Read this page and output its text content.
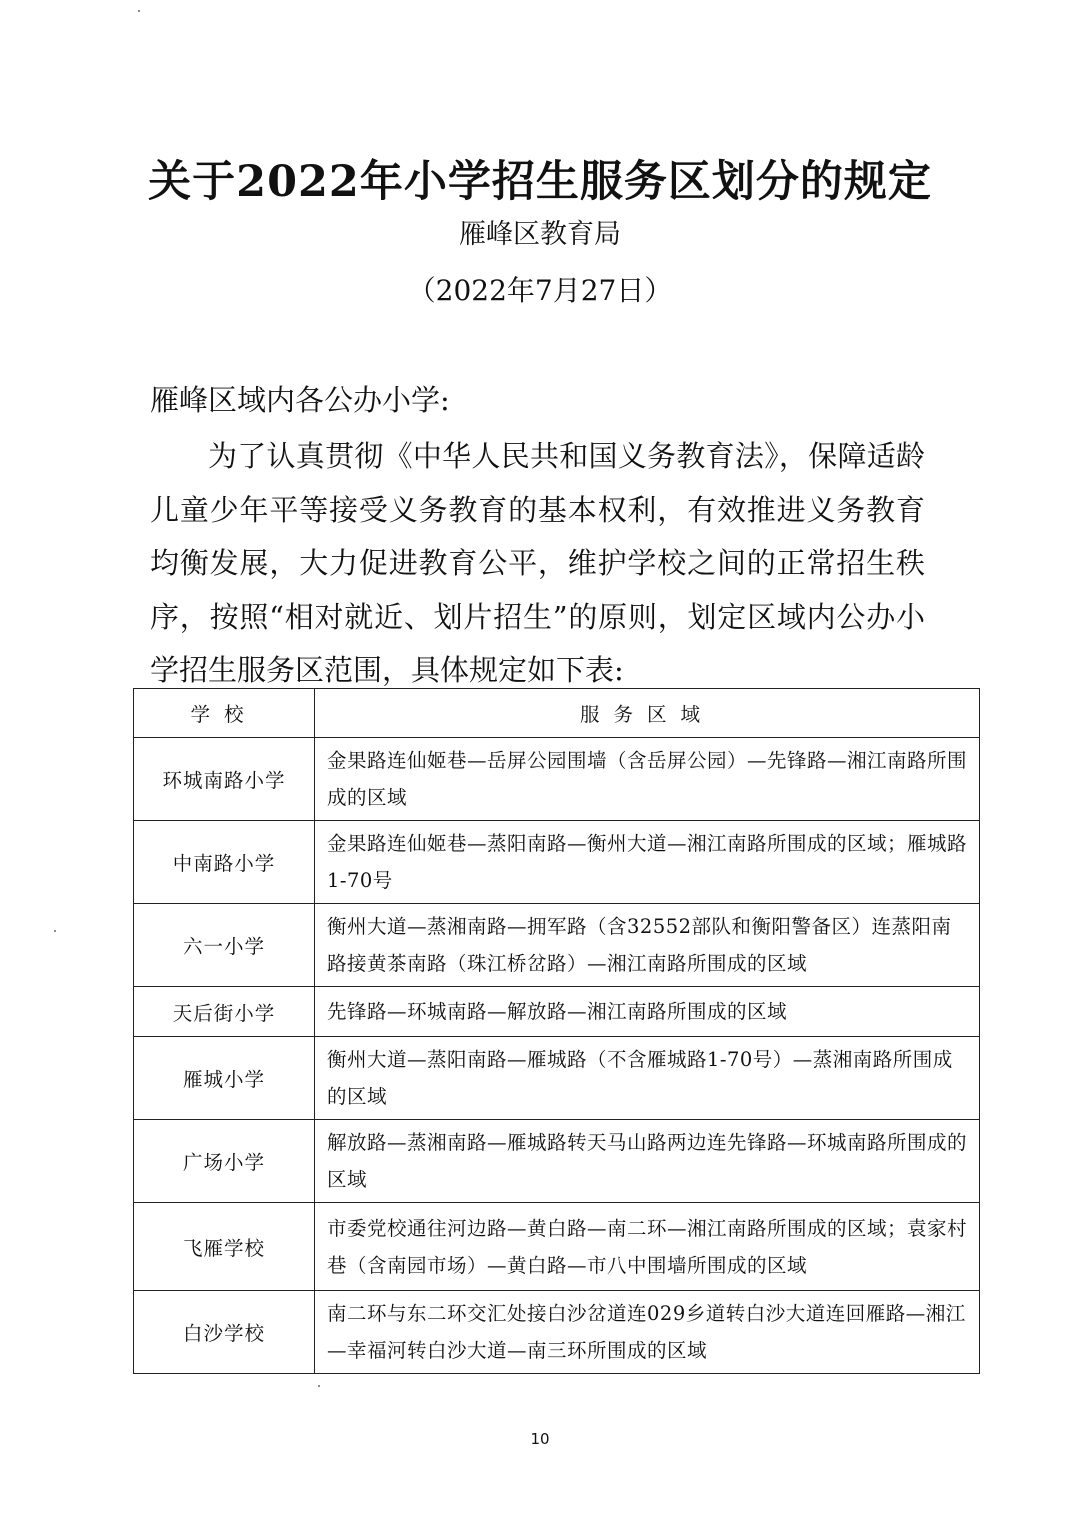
关于2022年小学招生服务区划分的规定
雁峰区教育局
（2022年7月27日）
雁峰区域内各公办小学:

为了认真贯彻《中华人民共和国义务教育法》，保障适龄儿童少年平等接受义务教育的基本权利，有效推进义务教育均衡发展，大力促进教育公平，维护学校之间的正常招生秩序，按照“相对就近、划片招生”的原则，划定区域内公办小学招生服务区范围，具体规定如下表:

学校	服务区域
环城南路小学	金果路连仙姬巷—岳屏公园围墙（含岳屏公园）—先锋路—湘江南路所围成的区域
中南路小学	金果路连仙姬巷—蒸阳南路—衡州大道—湘江南路所围成的区域；雁城路1-70号
六一小学	衡州大道—蒸湘南路—拥军路（含32552部队和衡阳警备区）连蒸阳南路接黄茶南路（珠江桥岔路）—湘江南路所围成的区域
天后街小学	先锋路—环城南路—解放路—湘江南路所围成的区域
雁城小学	衡州大道—蒸阳南路—雁城路（不含雁城路1-70号）—蒸湘南路所围成的区域
广场小学	解放路—蒸湘南路—雁城路转天马山路两边连先锋路—环城南路所围成的区域
飞雁学校	市委党校通往河边路—黄白路—南二环—湘江南路所围成的区域；袁家村巷（含南园市场）—黄白路—市八中围墙所围成的区域
白沙学校	南二环与东二环交汇处接白沙岔道连029乡道转白沙大道连回雁路—湘江—幸福河转白沙大道—南三环所围成的区域
10
